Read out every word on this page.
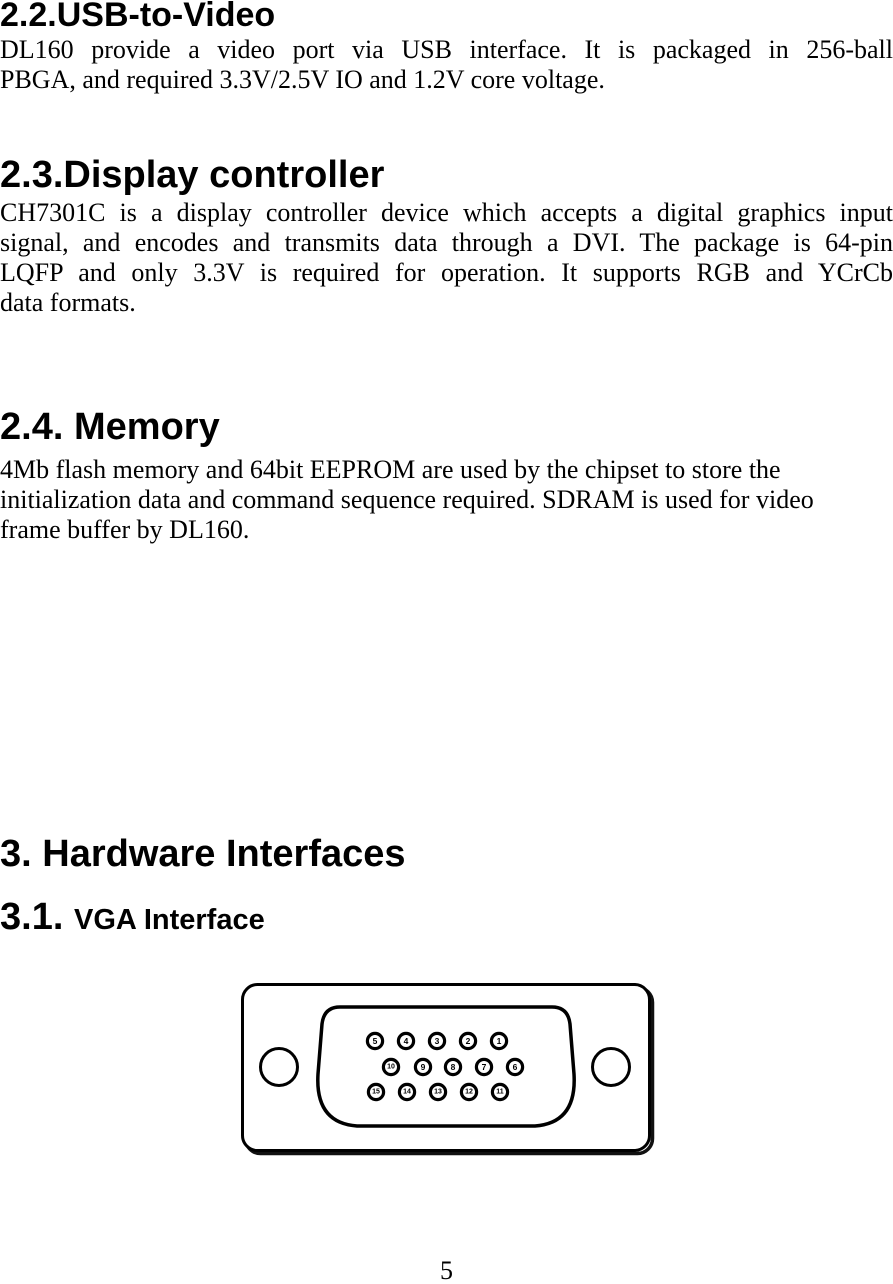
2.2.USB-to-Video
DL160 provide a video port via USB interface. It is packaged in 256-ball
PBGA, and required 3.3V/2.5V IO and 1.2V core voltage.
2.3.Display controller
CH7301C is a display controller device which accepts a digital graphics input
signal, and encodes and transmits data through a DVI. The package is 64-pin
LQFP and only 3.3V is required for operation. It supports RGB and YCrCb
data formats.
2.4. Memory
4Mb flash memory and 64bit EEPROM are used by the chipset to store the
initialization data and command sequence required. SDRAM is used for video
frame buffer by DL160.
3. Hardware Interfaces
3.1. VGA Interface
5	4	3	2	1
10	9	8	7	6
15	14	13	12	11
5
